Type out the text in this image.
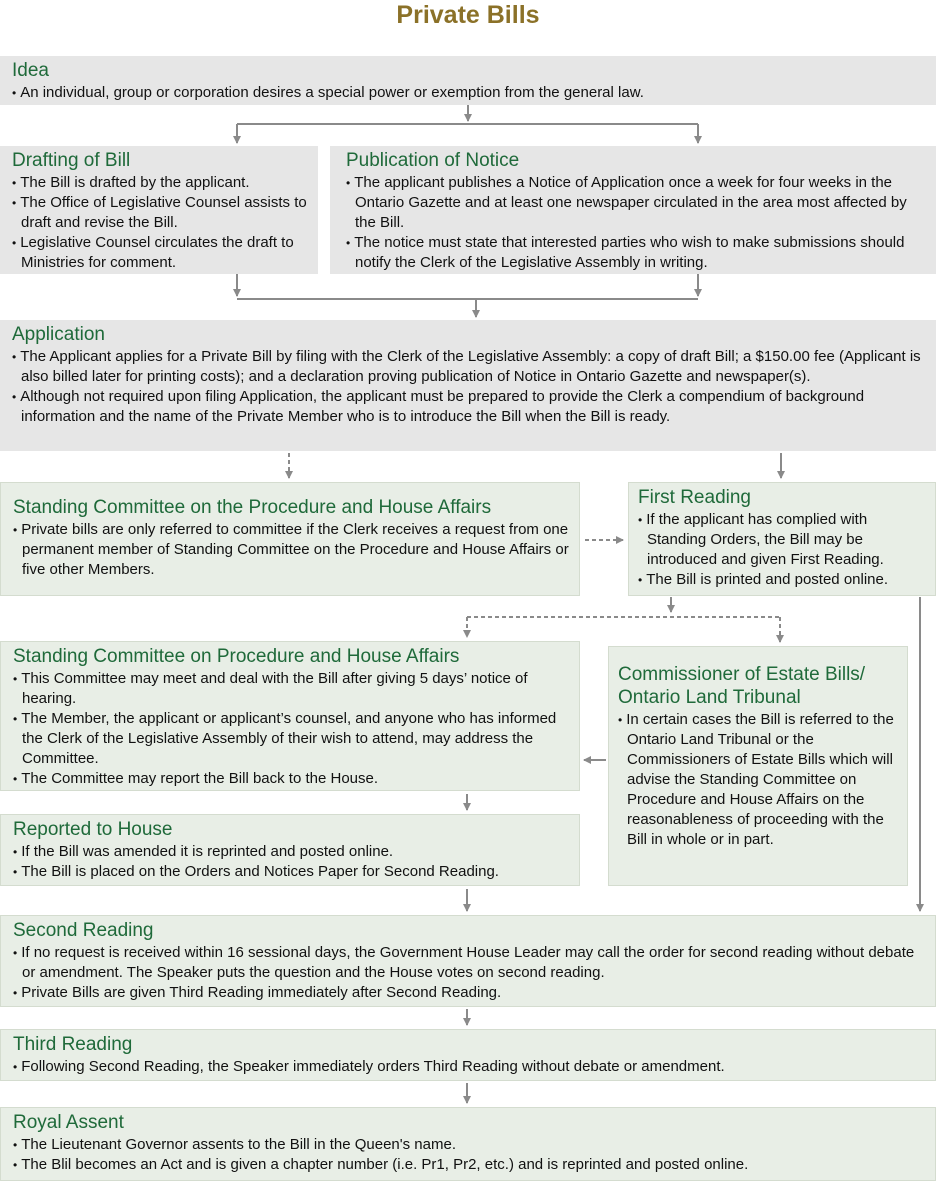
Private Bills
Idea
• An individual, group or corporation desires a special power or exemption from the general law.
Drafting of Bill
• The Bill is drafted by the applicant.
• The Office of Legislative Counsel assists to draft and revise the Bill.
• Legislative Counsel circulates the draft to Ministries for comment.
Publication of Notice
• The applicant publishes a Notice of Application once a week for four weeks in the Ontario Gazette and at least one newspaper circulated in the area most affected by the Bill.
• The notice must state that interested parties who wish to make submissions should notify the Clerk of the Legislative Assembly in writing.
Application
• The Applicant applies for a Private Bill by filing with the Clerk of the Legislative Assembly: a copy of draft Bill; a $150.00 fee (Applicant is also billed later for printing costs); and a declaration proving publication of Notice in Ontario Gazette and newspaper(s).
• Although not required upon filing Application, the applicant must be prepared to provide the Clerk a compendium of background information and the name of the Private Member who is to introduce the Bill when the Bill is ready.
Standing Committee on the Procedure and House Affairs
• Private bills are only referred to committee if the Clerk receives a request from one permanent member of Standing Committee on the Procedure and House Affairs or five other Members.
First Reading
• If the applicant has complied with Standing Orders, the Bill may be introduced and given First Reading.
• The Bill is printed and posted online.
Standing Committee on Procedure and House Affairs
• This Committee may meet and deal with the Bill after giving 5 days’ notice of hearing.
• The Member, the applicant or applicant’s counsel, and anyone who has informed the Clerk of the Legislative Assembly of their wish to attend, may address the Committee.
• The Committee may report the Bill back to the House.
Commissioner of Estate Bills/ Ontario Land Tribunal
• In certain cases the Bill is referred to the Ontario Land Tribunal or the Commissioners of Estate Bills which will advise the Standing Committee on Procedure and House Affairs on the reasonableness of proceeding with the Bill in whole or in part.
Reported to House
• If the Bill was amended it is reprinted and posted online.
• The Bill is placed on the Orders and Notices Paper for Second Reading.
Second Reading
• If no request is received within 16 sessional days, the Government House Leader may call the order for second reading without debate or amendment. The Speaker puts the question and the House votes on second reading.
• Private Bills are given Third Reading immediately after Second Reading.
Third Reading
• Following Second Reading, the Speaker immediately orders Third Reading without debate or amendment.
Royal Assent
• The Lieutenant Governor assents to the Bill in the Queen's name.
• The Blil becomes an Act and is given a chapter number (i.e. Pr1, Pr2, etc.) and is reprinted and posted online.
